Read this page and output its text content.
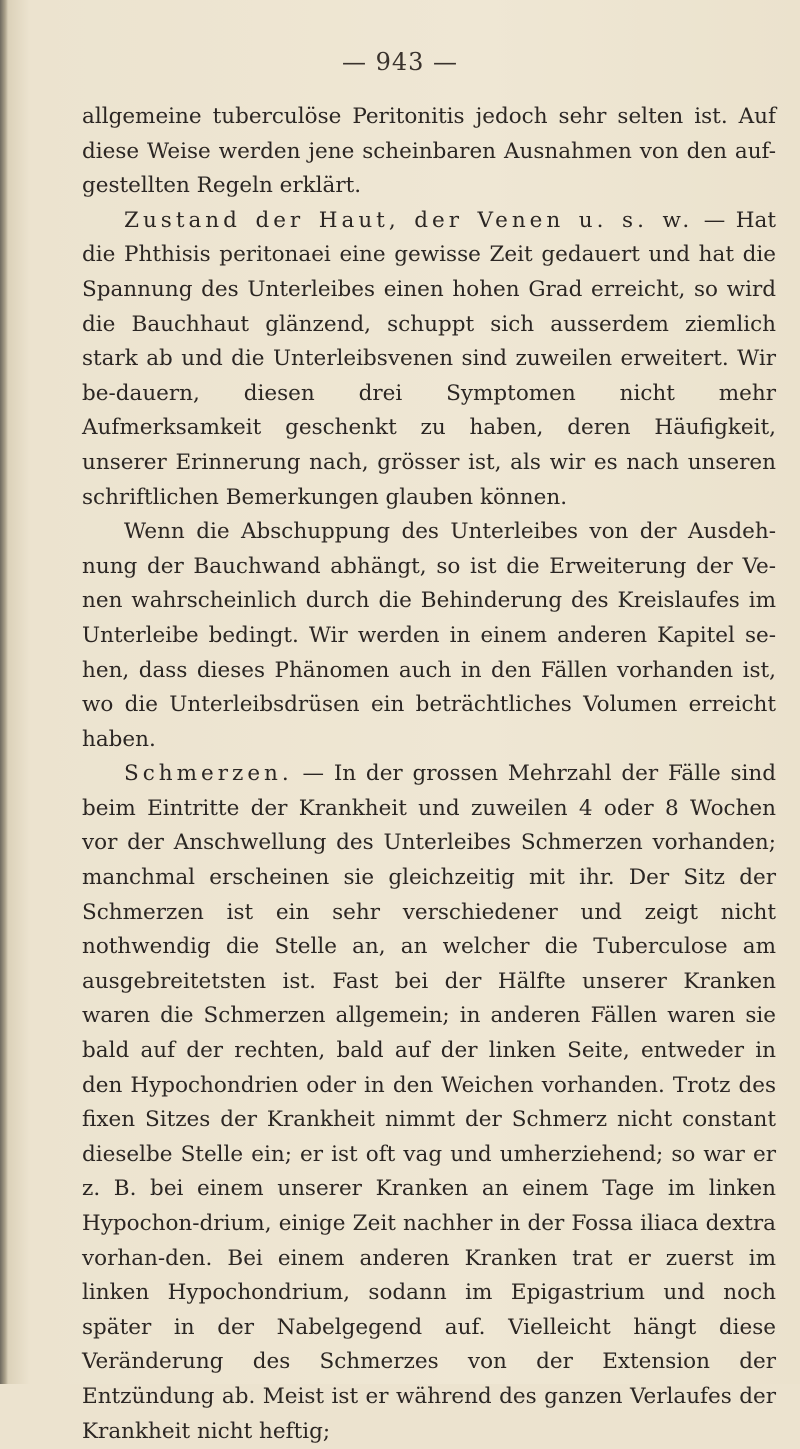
— 943 —

allgemeine tuberculöse Peritonitis jedoch sehr selten ist. Auf diese Weise werden jene scheinbaren Ausnahmen von den auf-gestellten Regeln erklärt.

Zustand der Haut, der Venen u. s. w. — Hat die Phthisis peritonaei eine gewisse Zeit gedauert und hat die Spannung des Unterleibes einen hohen Grad erreicht, so wird die Bauchhaut glänzend, schuppt sich ausserdem ziemlich stark ab und die Unterleibsvenen sind zuweilen erweitert. Wir be-dauern, diesen drei Symptomen nicht mehr Aufmerksamkeit geschenkt zu haben, deren Häufigkeit, unserer Erinnerung nach, grösser ist, als wir es nach unseren schriftlichen Bemerkungen glauben können.

Wenn die Abschuppung des Unterleibes von der Ausdeh-nung der Bauchwand abhängt, so ist die Erweiterung der Ve-nen wahrscheinlich durch die Behinderung des Kreislaufes im Unterleibe bedingt. Wir werden in einem anderen Kapitel se-hen, dass dieses Phänomen auch in den Fällen vorhanden ist, wo die Unterleibsdrüsen ein beträchtliches Volumen erreicht haben.

Schmerzen. — In der grossen Mehrzahl der Fälle sind beim Eintritte der Krankheit und zuweilen 4 oder 8 Wochen vor der Anschwellung des Unterleibes Schmerzen vorhanden; manchmal erscheinen sie gleichzeitig mit ihr. Der Sitz der Schmerzen ist ein sehr verschiedener und zeigt nicht nothwendig die Stelle an, an welcher die Tuberculose am ausgebreitetsten ist. Fast bei der Hälfte unserer Kranken waren die Schmerzen allgemein; in anderen Fällen waren sie bald auf der rechten, bald auf der linken Seite, entweder in den Hypochondrien oder in den Weichen vorhanden. Trotz des fixen Sitzes der Krankheit nimmt der Schmerz nicht constant dieselbe Stelle ein; er ist oft vag und umherziehend; so war er z. B. bei einem unserer Kranken an einem Tage im linken Hypochon-drium, einige Zeit nachher in der Fossa iliaca dextra vorhan-den. Bei einem anderen Kranken trat er zuerst im linken Hypochondrium, sodann im Epigastrium und noch später in der Nabelgegend auf. Vielleicht hängt diese Veränderung des Schmerzes von der Extension der Entzündung ab. Meist ist er während des ganzen Verlaufes der Krankheit nicht heftig;
